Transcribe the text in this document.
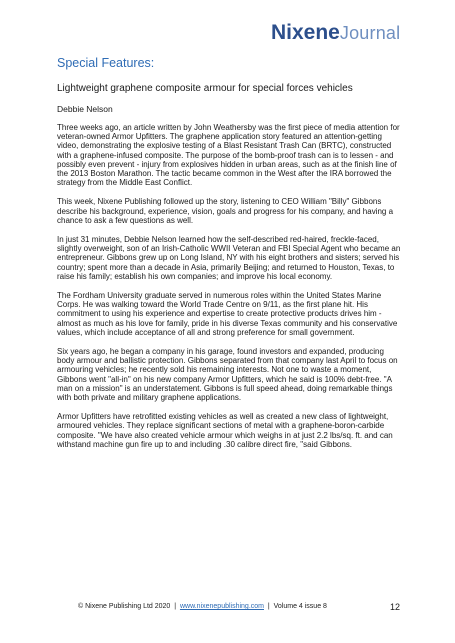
NixeneJournal
Special Features:
Lightweight graphene composite armour for special forces vehicles
Debbie Nelson

Three weeks ago, an article written by John Weathersby was the first piece of media attention for veteran-owned Armor Upfitters. The graphene application story featured an attention-getting video, demonstrating the explosive testing of a Blast Resistant Trash Can (BRTC), constructed with a graphene-infused composite. The purpose of the bomb-proof trash can is to lessen - and possibly even prevent - injury from explosives hidden in urban areas, such as at the finish line of the 2013 Boston Marathon. The tactic became common in the West after the IRA borrowed the strategy from the Middle East Conflict.

This week, Nixene Publishing followed up the story, listening to CEO William "Billy" Gibbons describe his background, experience, vision, goals and progress for his company, and having a chance to ask a few questions as well.

In just 31 minutes, Debbie Nelson learned how the self-described red-haired, freckle-faced, slightly overweight, son of an Irish-Catholic WWII Veteran and FBI Special Agent who became an entrepreneur. Gibbons grew up on Long Island, NY with his eight brothers and sisters; served his country; spent more than a decade in Asia, primarily Beijing; and returned to Houston, Texas, to raise his family; establish his own companies; and improve his local economy.

The Fordham University graduate served in numerous roles within the United States Marine Corps. He was walking toward the World Trade Centre on 9/11, as the first plane hit. His commitment to using his experience and expertise to create protective products drives him - almost as much as his love for family, pride in his diverse Texas community and his conservative values, which include acceptance of all and strong preference for small government.

Six years ago, he began a company in his garage, found investors and expanded, producing body armour and ballistic protection. Gibbons separated from that company last April to focus on armouring vehicles; he recently sold his remaining interests. Not one to waste a moment, Gibbons went "all-in" on his new company Armor Upfitters, which he said is 100% debt-free. "A man on a mission" is an understatement. Gibbons is full speed ahead, doing remarkable things with both private and military graphene applications.

Armor Upfitters have retrofitted existing vehicles as well as created a new class of lightweight, armoured vehicles. They replace significant sections of metal with a graphene-boron-carbide composite. "We have also created vehicle armour which weighs in at just 2.2 lbs/sq. ft. and can withstand machine gun fire up to and including .30 calibre direct fire, "said Gibbons.

© Nixene Publishing Ltd 2020 | www.nixenepublishing.com | Volume 4 issue 8	12
